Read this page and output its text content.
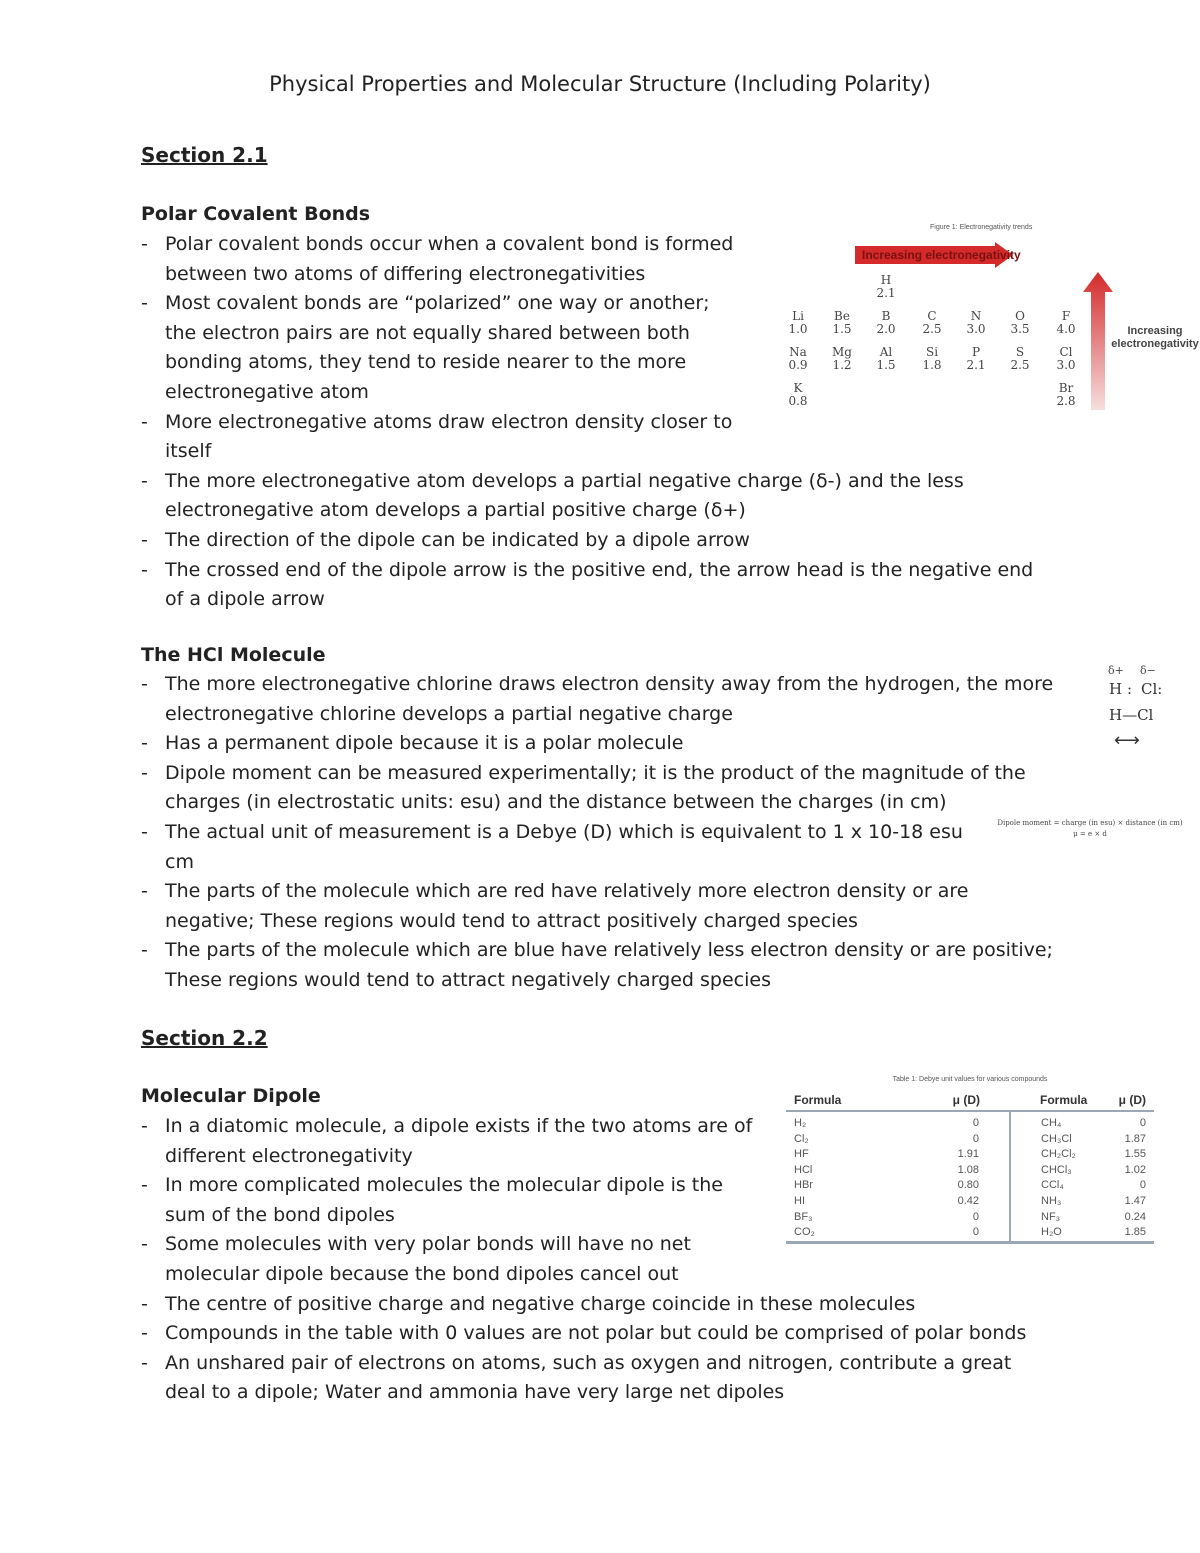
Physical Properties and Molecular Structure (Including Polarity)
Section 2.1
Polar Covalent Bonds
- Polar covalent bonds occur when a covalent bond is formed
between two atoms of differing electronegativities
- Most covalent bonds are “polarized” one way or another;
the electron pairs are not equally shared between both
bonding atoms, they tend to reside nearer to the more
electronegative atom
- More electronegative atoms draw electron density closer to
itself
- The more electronegative atom develops a partial negative charge (δ-) and the less
electronegative atom develops a partial positive charge (δ+)
- The direction of the dipole can be indicated by a dipole arrow
- The crossed end of the dipole arrow is the positive end, the arrow head is the negative end
of a dipole arrow
The HCl Molecule
- The more electronegative chlorine draws electron density away from the hydrogen, the more
electronegative chlorine develops a partial negative charge
- Has a permanent dipole because it is a polar molecule
- Dipole moment can be measured experimentally; it is the product of the magnitude of the
charges (in electrostatic units: esu) and the distance between the charges (in cm)
- The actual unit of measurement is a Debye (D) which is equivalent to 1 x 10-18 esu
cm
- The parts of the molecule which are red have relatively more electron density or are
negative; These regions would tend to attract positively charged species
- The parts of the molecule which are blue have relatively less electron density or are positive;
These regions would tend to attract negatively charged species
Section 2.2
Molecular Dipole
- In a diatomic molecule, a dipole exists if the two atoms are of
different electronegativity
- In more complicated molecules the molecular dipole is the
sum of the bond dipoles
- Some molecules with very polar bonds will have no net
molecular dipole because the bond dipoles cancel out
- The centre of positive charge and negative charge coincide in these molecules
- Compounds in the table with 0 values are not polar but could be comprised of polar bonds
- An unshared pair of electrons on atoms, such as oxygen and nitrogen, contribute a great
deal to a dipole; Water and ammonia have very large net dipoles
Figure 1: Electronegativity trends
Increasing electronegativity
Increasing
electronegativity
H
2.1
Li
1.0
Be
1.5
B
2.0
C
2.5
N
3.0
O
3.5
F
4.0
Na
0.9
Mg
1.2
Al
1.5
Si
1.8
P
2.1
S
2.5
Cl
3.0
K
0.8
Br
2.8
δ+ δ−
H : Cl:
H—Cl
⟷
Dipole moment = charge (in esu) × distance (in cm)
μ = e × d
Table 1: Debye unit values for various compounds
Formula	μ (D)	Formula	μ (D)
H₂	0	CH₄	0
Cl₂	0	CH₃Cl	1.87
HF	1.91	CH₂Cl₂	1.55
HCl	1.08	CHCl₃	1.02
HBr	0.80	CCl₄	0
HI	0.42	NH₃	1.47
BF₃	0	NF₃	0.24
CO₂	0	H₂O	1.85
